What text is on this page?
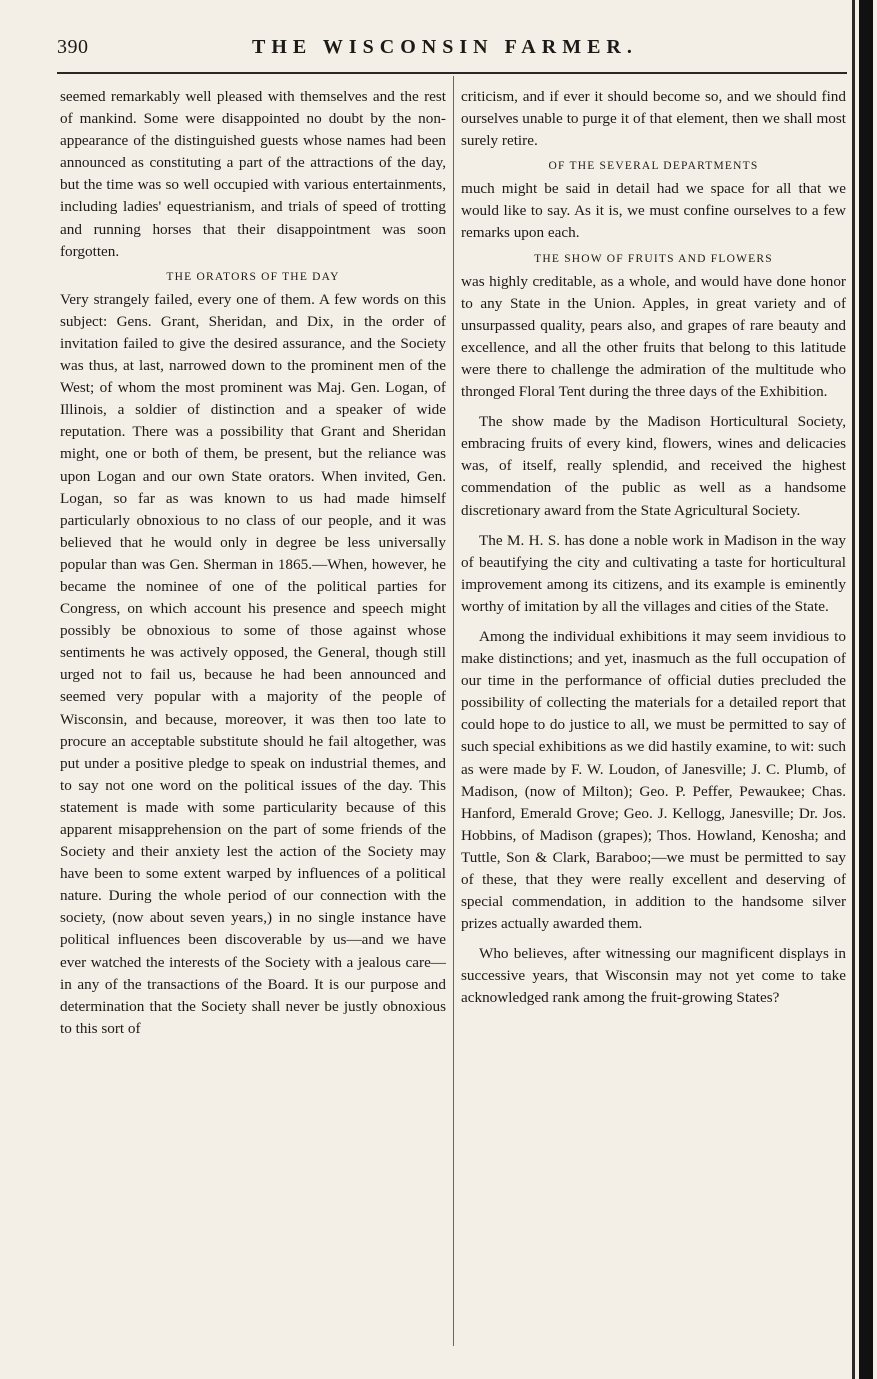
390	THE WISCONSIN FARMER.

seemed remarkably well pleased with themselves and the rest of mankind. Some were disappointed no doubt by the non-appearance of the distinguished guests whose names had been announced as constituting a part of the attractions of the day, but the time was so well occupied with various entertainments, including ladies' equestrianism, and trials of speed of trotting and running horses that their disappointment was soon forgotten.

THE ORATORS OF THE DAY

Very strangely failed, every one of them. A few words on this subject: Gens. Grant, Sheridan, and Dix, in the order of invitation failed to give the desired assurance, and the Society was thus, at last, narrowed down to the prominent men of the West; of whom the most prominent was Maj. Gen. Logan, of Illinois, a soldier of distinction and a speaker of wide reputation. There was a possibility that Grant and Sheridan might, one or both of them, be present, but the reliance was upon Logan and our own State orators. When invited, Gen. Logan, so far as was known to us had made himself particularly obnoxious to no class of our people, and it was believed that he would only in degree be less universally popular than was Gen. Sherman in 1865.—When, however, he became the nominee of one of the political parties for Congress, on which account his presence and speech might possibly be obnoxious to some of those against whose sentiments he was actively opposed, the General, though still urged not to fail us, because he had been announced and seemed very popular with a majority of the people of Wisconsin, and because, moreover, it was then too late to procure an acceptable substitute should he fail altogether, was put under a positive pledge to speak on industrial themes, and to say not one word on the political issues of the day. This statement is made with some particularity because of this apparent misapprehension on the part of some friends of the Society and their anxiety lest the action of the Society may have been to some extent warped by influences of a political nature. During the whole period of our connection with the society, (now about seven years,) in no single instance have political influences been discoverable by us—and we have ever watched the interests of the Society with a jealous care—in any of the transactions of the Board. It is our purpose and determination that the Society shall never be justly obnoxious to this sort of

criticism, and if ever it should become so, and we should find ourselves unable to purge it of that element, then we shall most surely retire.

OF THE SEVERAL DEPARTMENTS

much might be said in detail had we space for all that we would like to say. As it is, we must confine ourselves to a few remarks upon each.

THE SHOW OF FRUITS AND FLOWERS

was highly creditable, as a whole, and would have done honor to any State in the Union. Apples, in great variety and of unsurpassed quality, pears also, and grapes of rare beauty and excellence, and all the other fruits that belong to this latitude were there to challenge the admiration of the multitude who thronged Floral Tent during the three days of the Exhibition.

The show made by the Madison Horticultural Society, embracing fruits of every kind, flowers, wines and delicacies was, of itself, really splendid, and received the highest commendation of the public as well as a handsome discretionary award from the State Agricultural Society.

The M. H. S. has done a noble work in Madison in the way of beautifying the city and cultivating a taste for horticultural improvement among its citizens, and its example is eminently worthy of imitation by all the villages and cities of the State.

Among the individual exhibitions it may seem invidious to make distinctions; and yet, inasmuch as the full occupation of our time in the performance of official duties precluded the possibility of collecting the materials for a detailed report that could hope to do justice to all, we must be permitted to say of such special exhibitions as we did hastily examine, to wit: such as were made by F. W. Loudon, of Janesville; J. C. Plumb, of Madison, (now of Milton); Geo. P. Peffer, Pewaukee; Chas. Hanford, Emerald Grove; Geo. J. Kellogg, Janesville; Dr. Jos. Hobbins, of Madison (grapes); Thos. Howland, Kenosha; and Tuttle, Son & Clark, Baraboo;—we must be permitted to say of these, that they were really excellent and deserving of special commendation, in addition to the handsome silver prizes actually awarded them.

Who believes, after witnessing our magnificent displays in successive years, that Wisconsin may not yet come to take acknowledged rank among the fruit-growing States?
